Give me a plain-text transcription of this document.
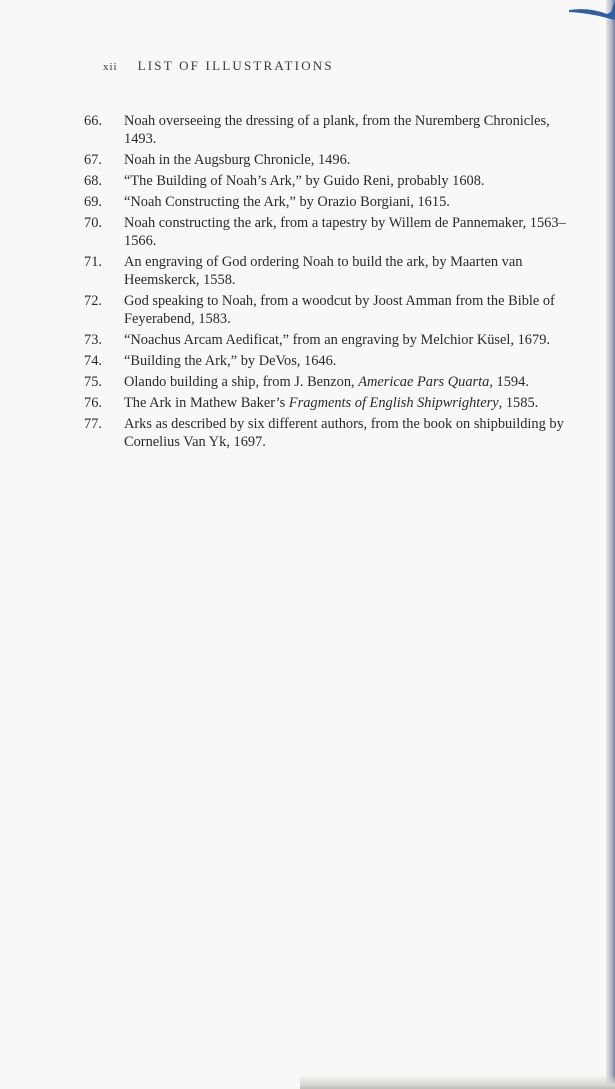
xii LIST OF ILLUSTRATIONS
66.	Noah overseeing the dressing of a plank, from the Nuremberg Chronicles, 1493.
67.	Noah in the Augsburg Chronicle, 1496.
68.	“The Building of Noah’s Ark,” by Guido Reni, probably 1608.
69.	“Noah Constructing the Ark,” by Orazio Borgiani, 1615.
70.	Noah constructing the ark, from a tapestry by Willem de Pannemaker, 1563–1566.
71.	An engraving of God ordering Noah to build the ark, by Maarten van Heemskerck, 1558.
72.	God speaking to Noah, from a woodcut by Joost Amman from the Bible of Feyerabend, 1583.
73.	“Noachus Arcam Aedificat,” from an engraving by Melchior Küsel, 1679.
74.	“Building the Ark,” by DeVos, 1646.
75.	Olando building a ship, from J. Benzon, Americae Pars Quarta, 1594.
76.	The Ark in Mathew Baker’s Fragments of English Shipwrightery, 1585.
77.	Arks as described by six different authors, from the book on shipbuilding by Cornelius Van Yk, 1697.
